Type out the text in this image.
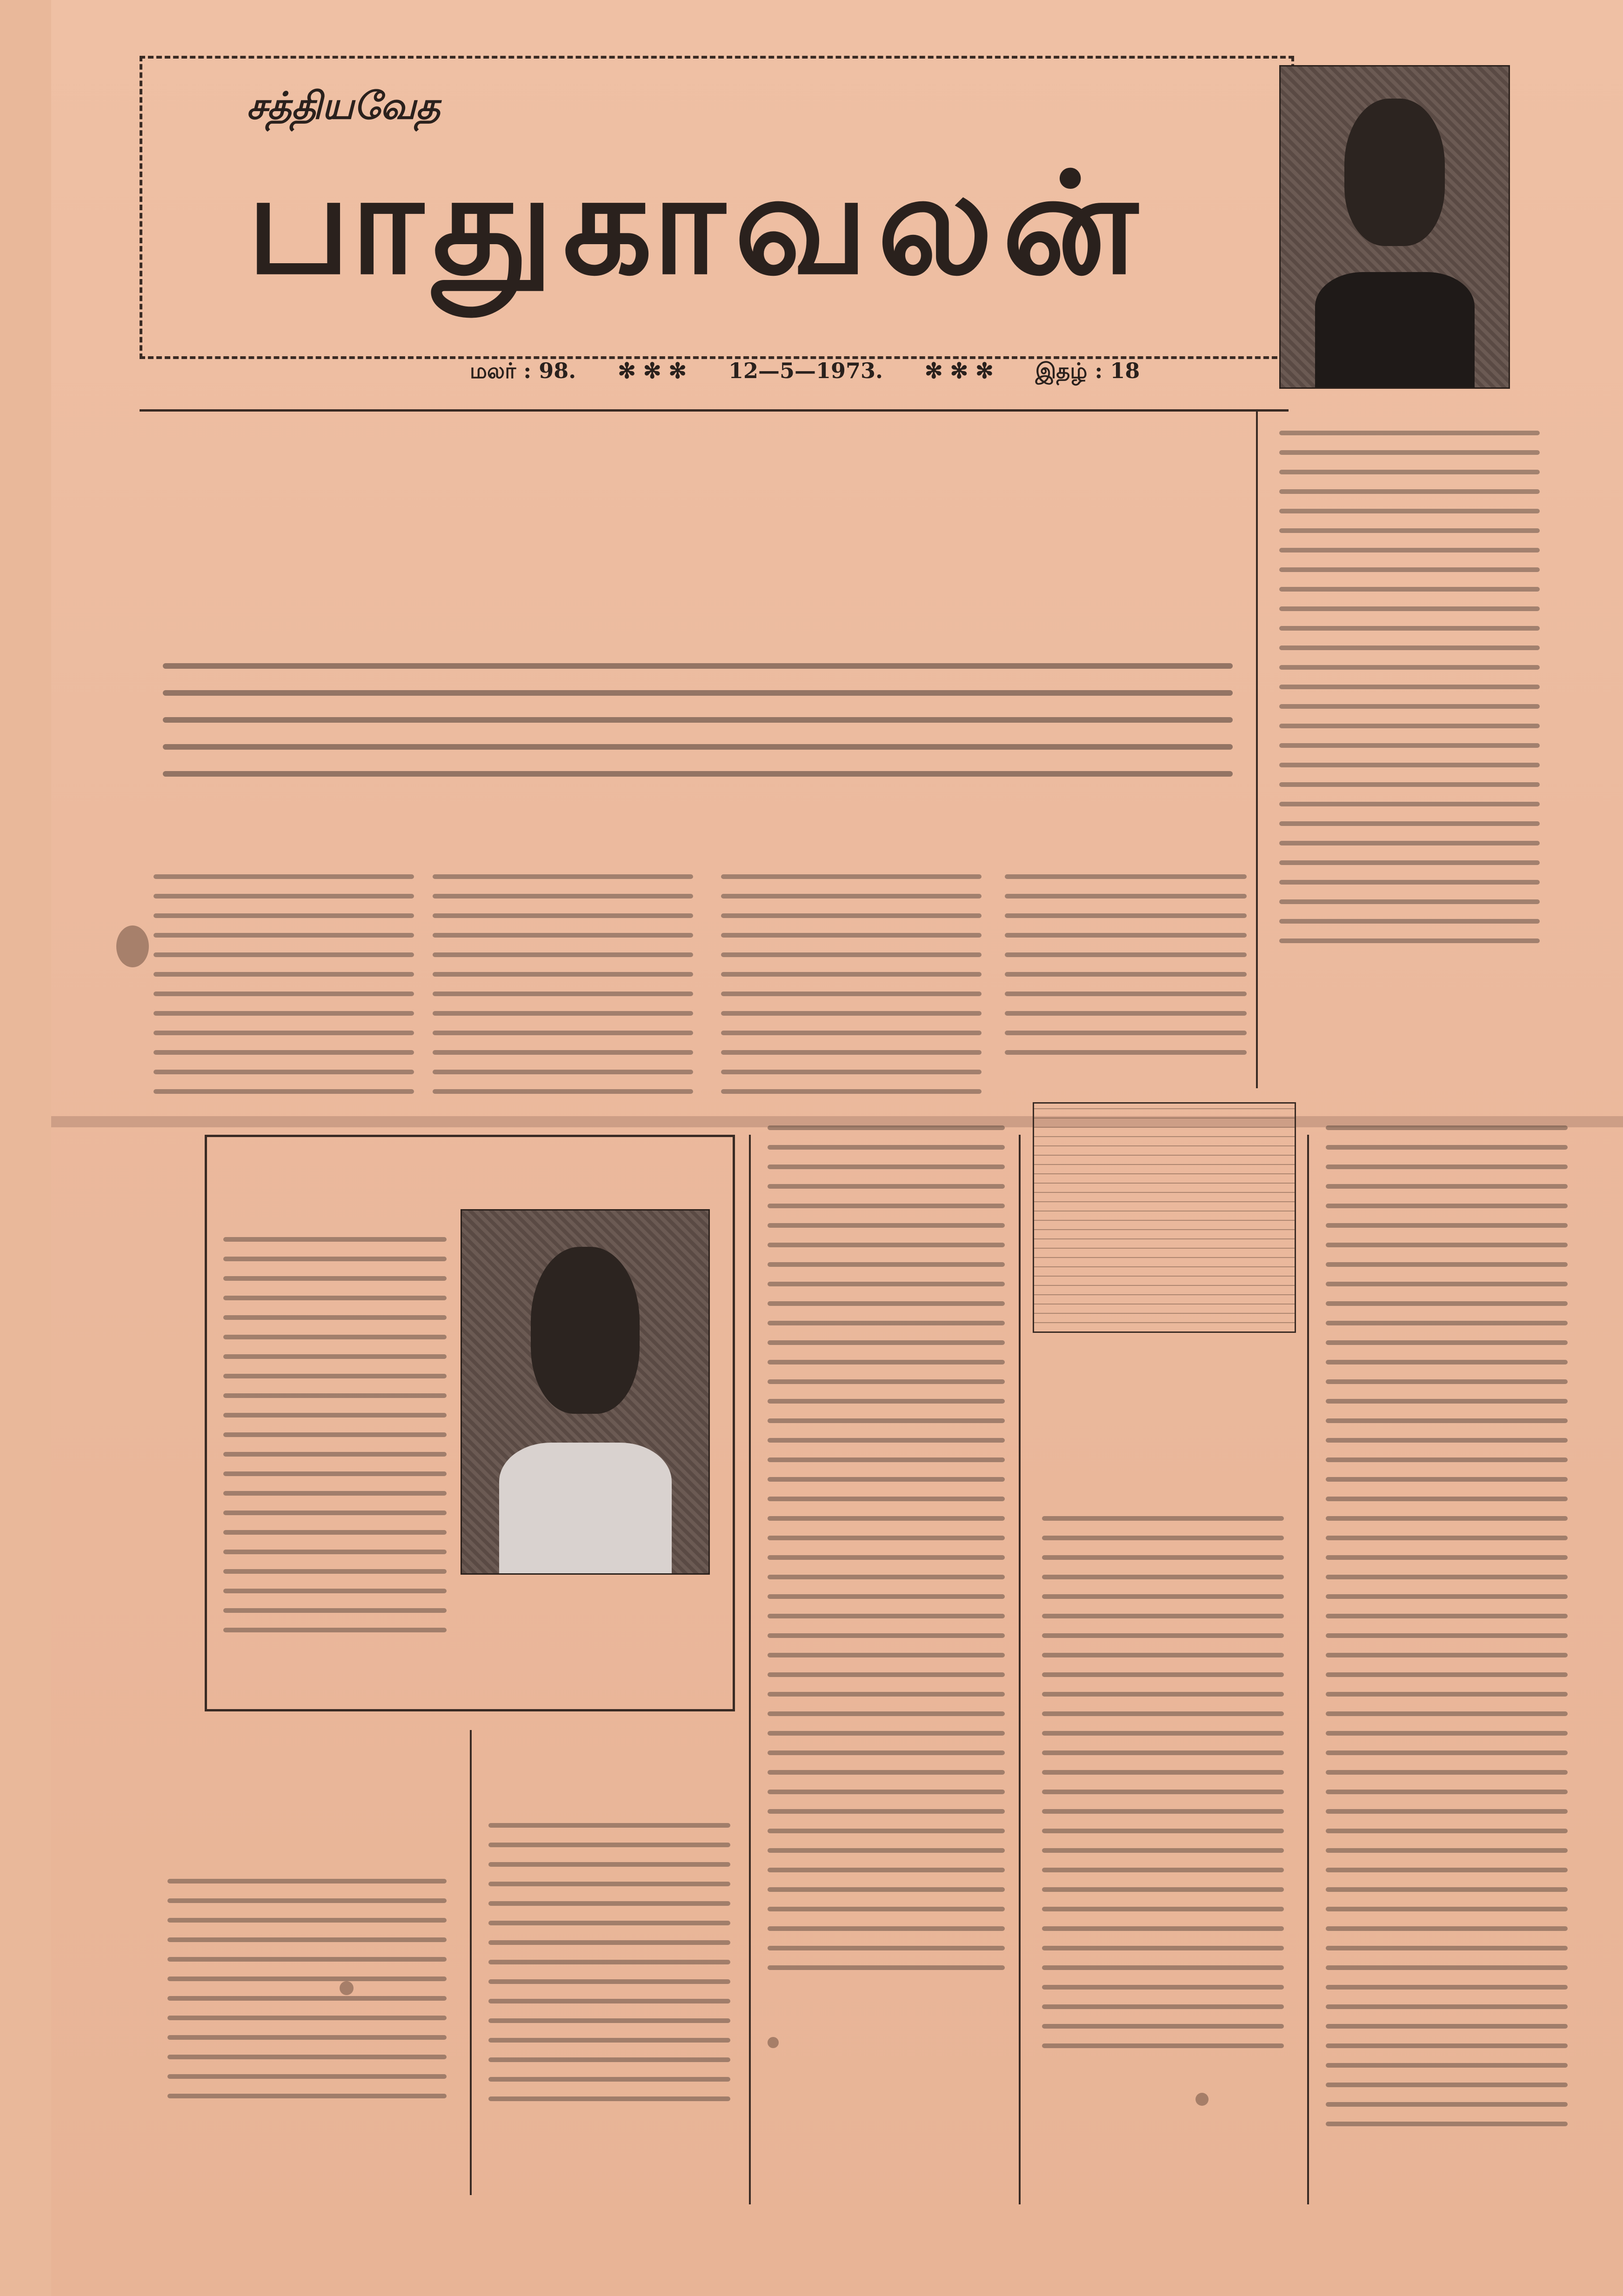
சத்தியவேத
பாதுகாவலன்
மலர் : 98. ✻ ✻ ✻ 12—5—1973. ✻ ✻ ✻ இதழ் : 18
